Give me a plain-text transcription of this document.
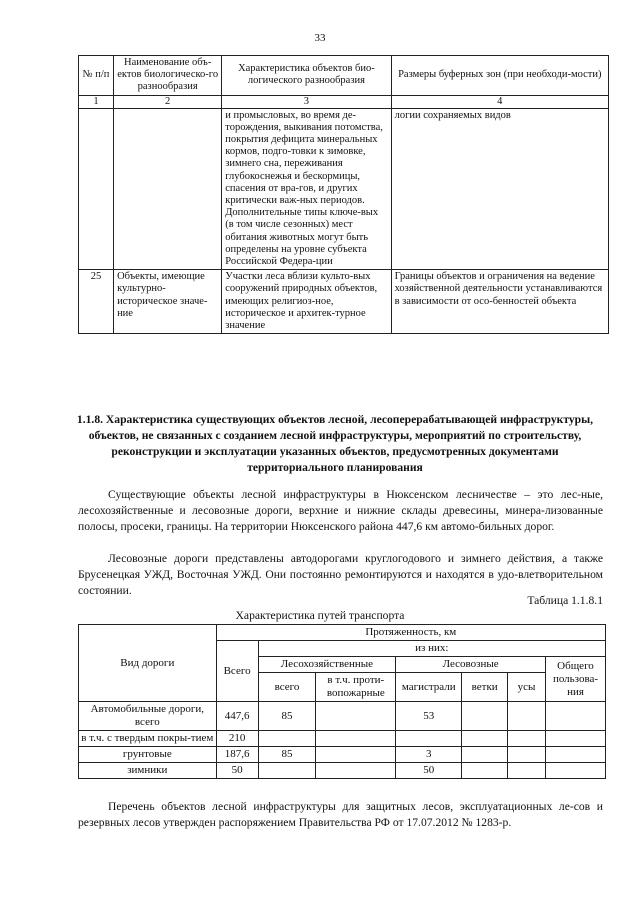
33
№ п/п	Наименование объ-ектов биологическо-го разнообразия	Характеристика объектов био-логического разнообразия	Размеры буферных зон (при необходи-мости)
1	2	3	4
		и промысловых, во время де-торождения, выкивания потомства, покрытия дефицита минеральных кормов, подго-товки к зимовке, зимнего сна, переживания глубокоснежья и бескормицы, спасения от вра-гов, и других критически важ-ных периодов. Дополнительные типы ключе-вых (в том числе сезонных) мест обитания животных могут быть определены на уровне субъекта Российской Федера-ции	логии сохраняемых видов
25	Объекты, имеющие культурно-историческое значе-ние	Участки леса вблизи культо-вых сооружений природных объектов, имеющих религиоз-ное, историческое и архитек-турное значение	Границы объектов и ограничения на ведение хозяйственной деятельности устанавливаются в зависимости от осо-бенностей объекта
1.1.8. Характеристика существующих объектов лесной, лесоперерабатывающей инфраструктуры, объектов, не связанных с созданием лесной инфраструктуры, мероприятий по строительству, реконструкции и эксплуатации указанных объектов, предусмотренных документами территориального планирования

Существующие объекты лесной инфраструктуры в Нюксенском лесничестве – это лес-ные, лесохозяйственные и лесовозные дороги, верхние и нижние склады древесины, минера-лизованные полосы, просеки, границы. На территории Нюксенского района 447,6 км автомо-бильных дорог.

Лесовозные дороги представлены автодорогами круглогодового и зимнего действия, а также Брусенецкая УЖД, Восточная УЖД. Они постоянно ремонтируются и находятся в удо-влетворительном состоянии.

Таблица 1.1.8.1
Характеристика путей транспорта
Вид дороги	Протяженность, км						
	Всего	из них:					
		Лесохозяйственные		Лесовозные			Общего пользова-ния
		всего	в т.ч. проти-вопожарные	магистрали	ветки	усы	
Автомобильные дороги, всего	447,6	85		53			
в т.ч. с твердым покры-тием	210						
грунтовые	187,6	85		3			
зимники	50			50			

Перечень объектов лесной инфраструктуры для защитных лесов, эксплуатационных ле-сов и резервных лесов утвержден распоряжением Правительства РФ от 17.07.2012 № 1283-р.
